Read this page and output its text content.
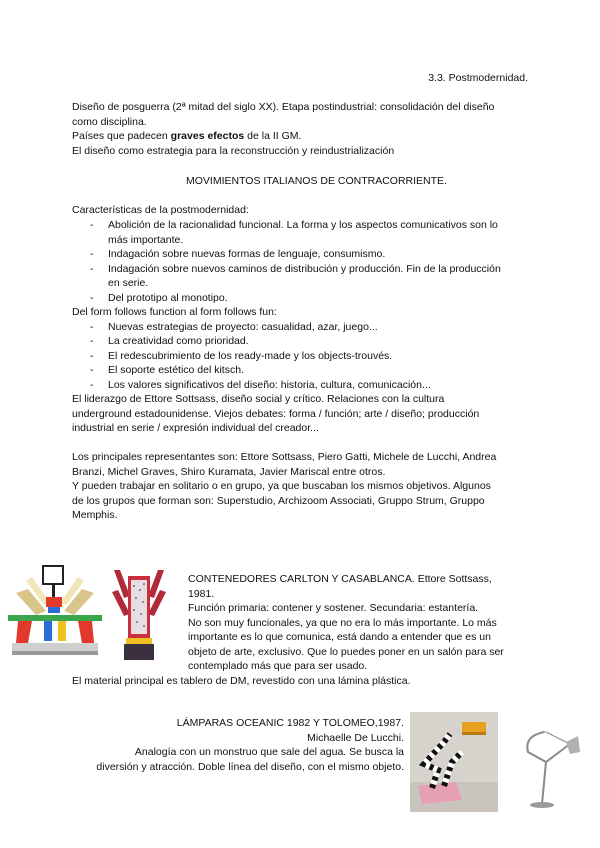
3.3. Postmodernidad.
Diseño de posguerra (2ª mitad del siglo XX). Etapa postindustrial: consolidación del diseño
como disciplina.
Países que padecen graves efectos de la II GM.
El diseño como estrategia para la reconstrucción y reindustrialización
MOVIMIENTOS ITALIANOS DE CONTRACORRIENTE.
Características de la postmodernidad:
- Abolición de la racionalidad funcional. La forma y los aspectos comunicativos son lo
más importante.
- Indagación sobre nuevas formas de lenguaje, consumismo.
- Indagación sobre nuevos caminos de distribución y producción. Fin de la producción
en serie.
- Del prototipo al monotipo.
Del form follows function al form follows fun:
- Nuevas estrategias de proyecto: casualidad, azar, juego...
- La creatividad como prioridad.
- El redescubrimiento de los ready-made y los objects-trouvés.
- El soporte estético del kitsch.
- Los valores significativos del diseño: historia, cultura, comunicación...
El liderazgo de Ettore Sottsass, diseño social y crítico. Relaciones con la cultura
underground estadounidense. Viejos debates: forma / función; arte / diseño; producción
industrial en serie / expresión individual del creador...
Los principales representantes son: Ettore Sottsass, Piero Gatti, Michele de Lucchi, Andrea
Branzi, Michel Graves, Shiro Kuramata, Javier Mariscal entre otros.
Y pueden trabajar en solitario o en grupo, ya que buscaban los mismos objetivos. Algunos
de los grupos que forman son: Superstudio, Archizoom Associati, Gruppo Strum, Gruppo
Memphis.
CONTENEDORES CARLTON Y CASABLANCA. Ettore Sottsass,
1981.
Función primaria: contener y sostener. Secundaria: estantería.
No son muy funcionales, ya que no era lo más importante. Lo más
importante es lo que comunica, está dando a entender que es un
objeto de arte, exclusivo. Que lo puedes poner en un salón para ser
contemplado más que para ser usado.
El material principal es tablero de DM, revestido con una lámina plástica.
LÁMPARAS OCEANIC 1982 Y TOLOMEO,1987.
Michaelle De Lucchi.
Analogía con un monstruo que sale del agua. Se busca la
diversión y atracción. Doble línea del diseño, con el mismo objeto.
